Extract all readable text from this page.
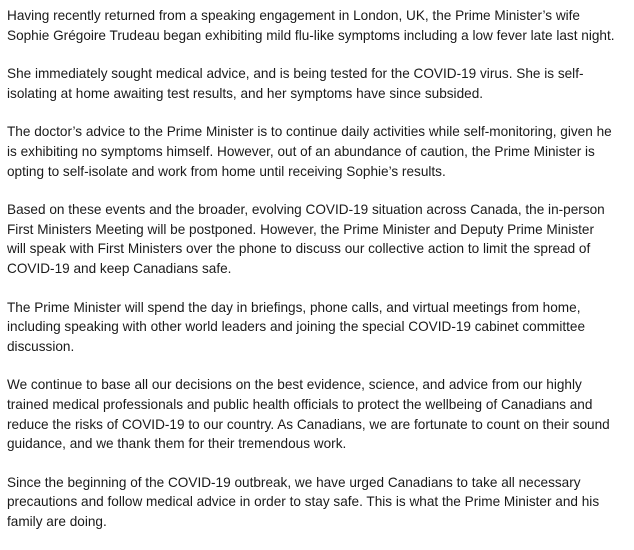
Having recently returned from a speaking engagement in London, UK, the Prime Minister’s wife
Sophie Grégoire Trudeau began exhibiting mild flu-like symptoms including a low fever late last night.

She immediately sought medical advice, and is being tested for the COVID-19 virus. She is self-
isolating at home awaiting test results, and her symptoms have since subsided.

The doctor’s advice to the Prime Minister is to continue daily activities while self-monitoring, given he
is exhibiting no symptoms himself. However, out of an abundance of caution, the Prime Minister is
opting to self-isolate and work from home until receiving Sophie’s results.

Based on these events and the broader, evolving COVID-19 situation across Canada, the in-person
First Ministers Meeting will be postponed. However, the Prime Minister and Deputy Prime Minister
will speak with First Ministers over the phone to discuss our collective action to limit the spread of
COVID-19 and keep Canadians safe.

The Prime Minister will spend the day in briefings, phone calls, and virtual meetings from home,
including speaking with other world leaders and joining the special COVID-19 cabinet committee
discussion.

We continue to base all our decisions on the best evidence, science, and advice from our highly
trained medical professionals and public health officials to protect the wellbeing of Canadians and
reduce the risks of COVID-19 to our country. As Canadians, we are fortunate to count on their sound
guidance, and we thank them for their tremendous work.

Since the beginning of the COVID-19 outbreak, we have urged Canadians to take all necessary
precautions and follow medical advice in order to stay safe. This is what the Prime Minister and his
family are doing.
